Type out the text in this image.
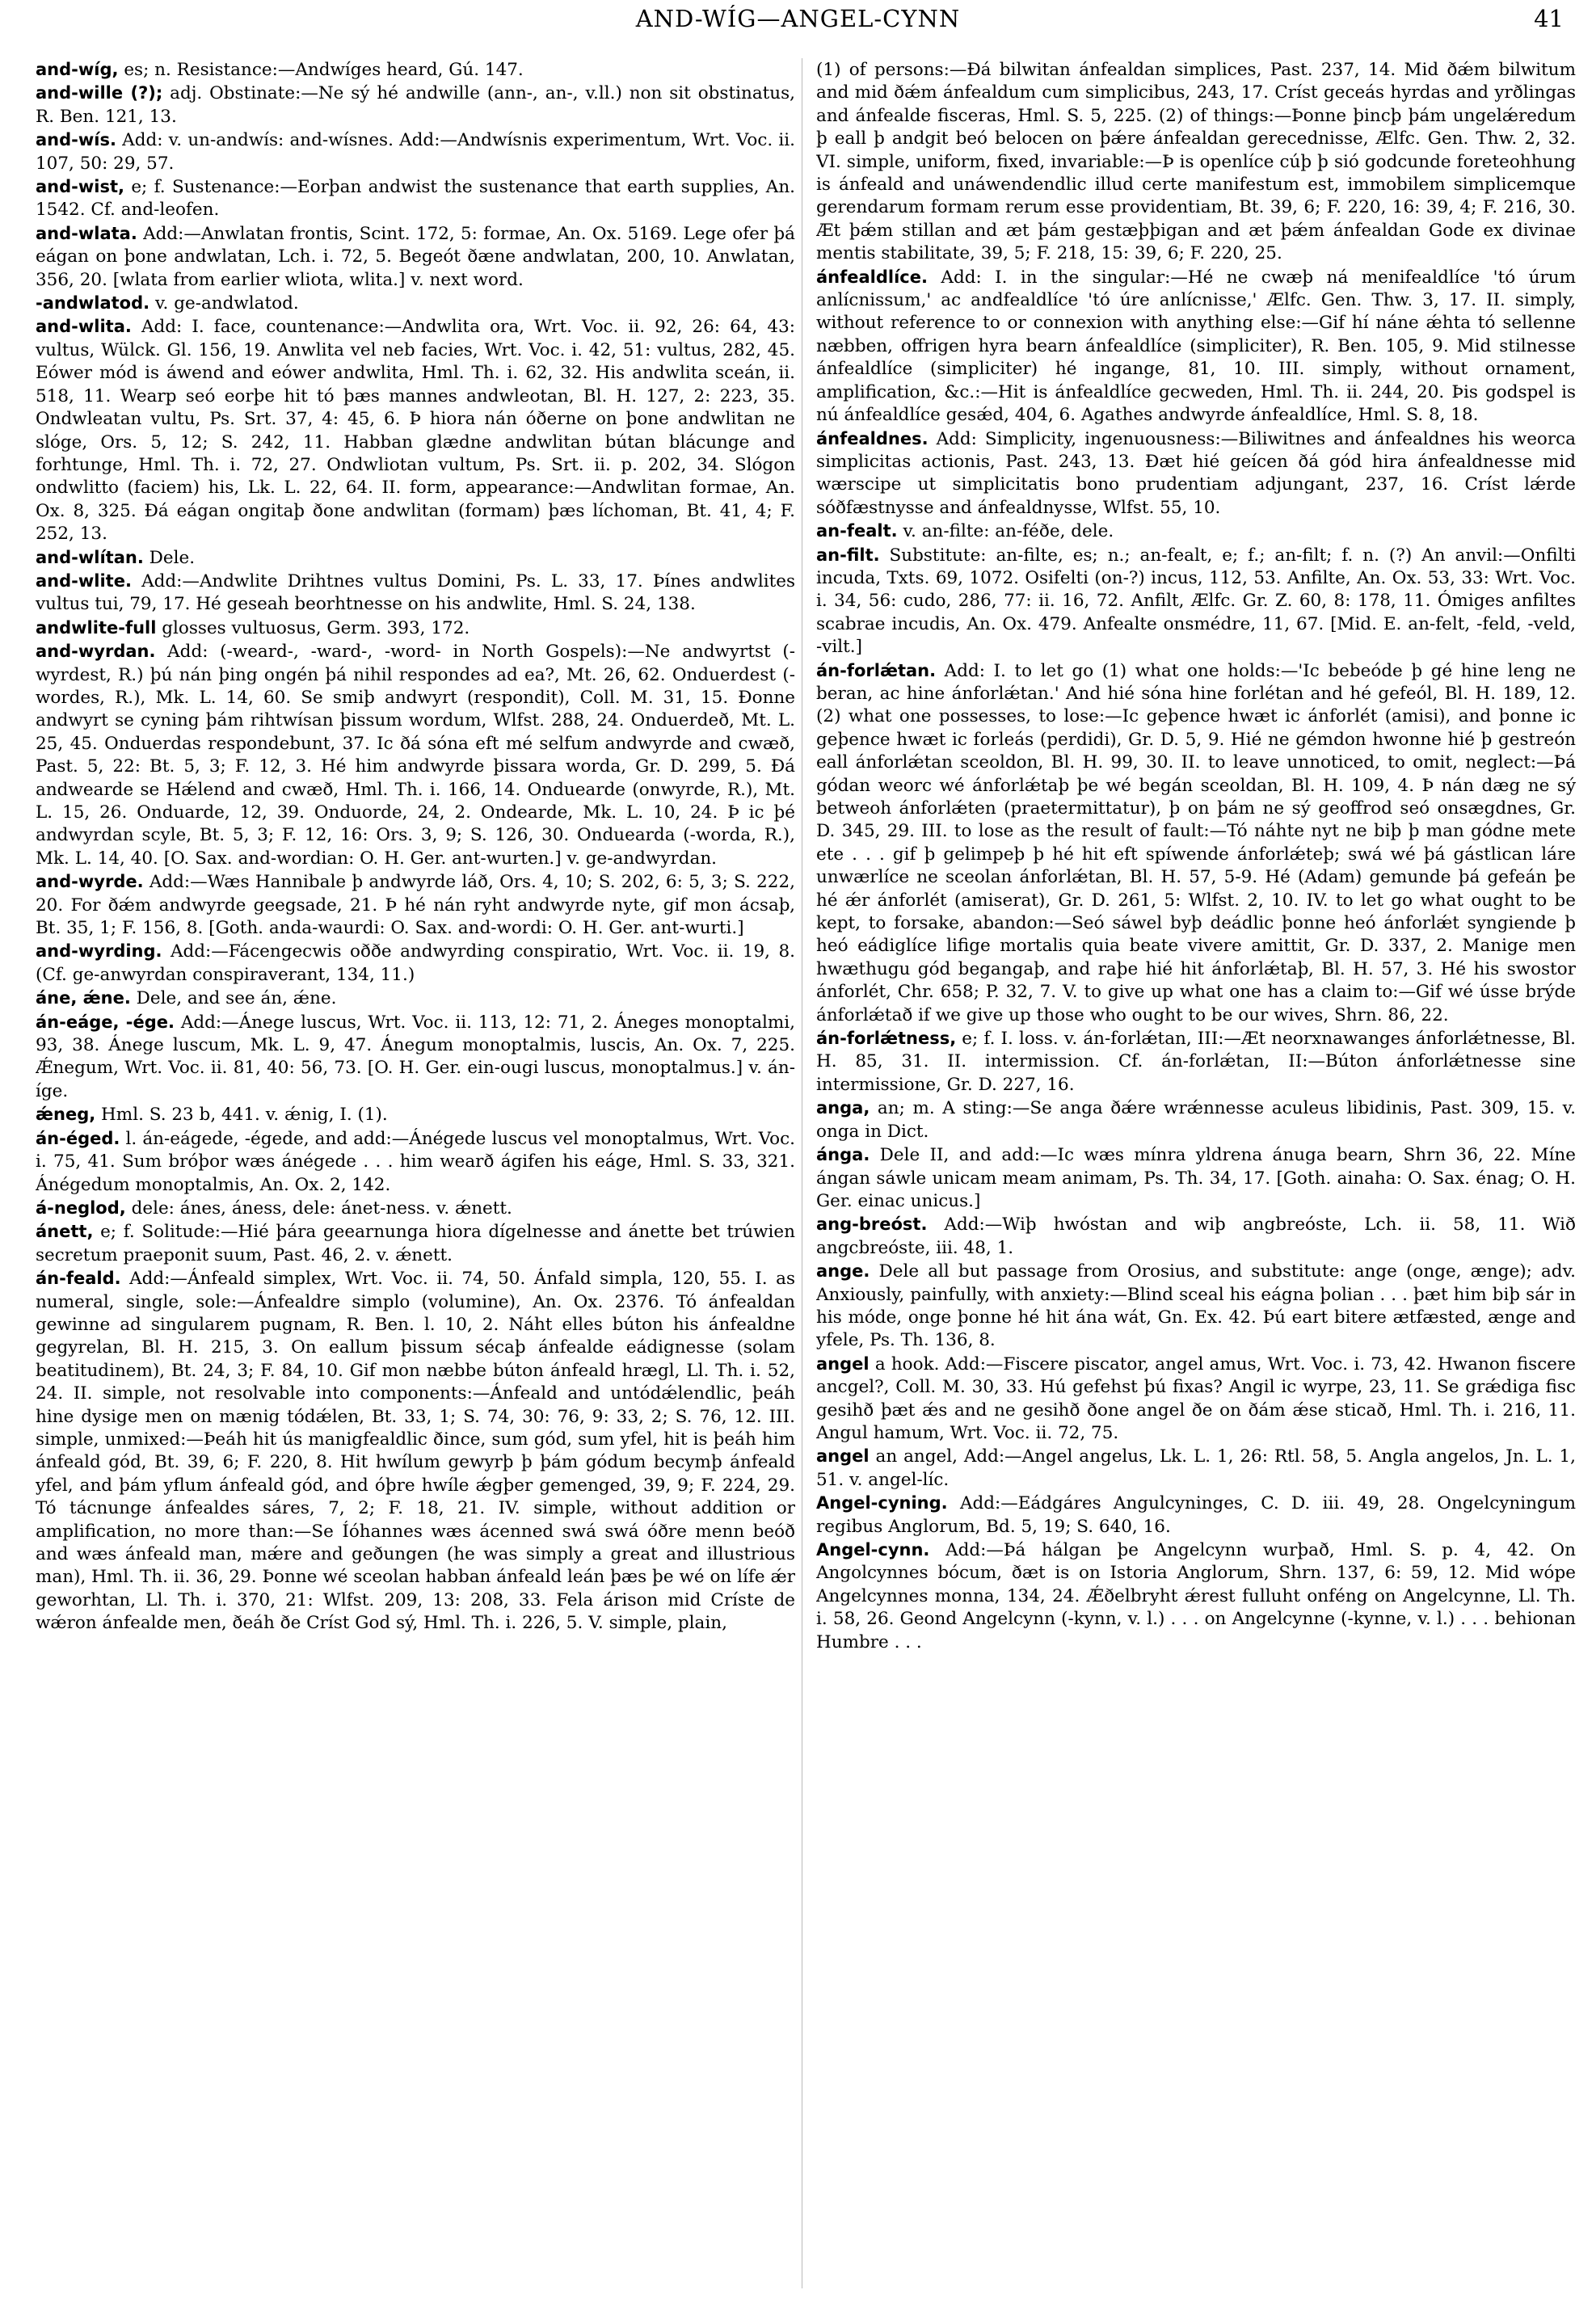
AND-WÍG—ANGEL-CYNN	41

and-wíg, es; n. Resistance:—Andwíges heard, Gú. 147.

and-wille (?); adj. Obstinate:—Ne sý hé andwille (ann-, an-, v.ll.) non sit obstinatus, R. Ben. 121, 13.

and-wís. Add: v. un-andwís: and-wísnes. Add:—Andwísnis experimentum, Wrt. Voc. ii. 107, 50: 29, 57.

and-wist, e; f. Sustenance:—Eorþan andwist the sustenance that earth supplies, An. 1542. Cf. and-leofen.

and-wlata. Add:—Anwlatan frontis, Scint. 172, 5: formae, An. Ox. 5169. Lege ofer þá eágan on þone andwlatan, Lch. i. 72, 5. Begeót ðæne andwlatan, 200, 10. Anwlatan, 356, 20. [wlata from earlier wliota, wlita.] v. next word.

-andwlatod. v. ge-andwlatod.

and-wlita. Add: I. face, countenance:—Andwlita ora, Wrt. Voc. ii. 92, 26: 64, 43: vultus, Wülck. Gl. 156, 19. Anwlita vel neb facies, Wrt. Voc. i. 42, 51: vultus, 282, 45. Eówer mód is áwend and eówer andwlita, Hml. Th. i. 62, 32. His andwlita sceán, ii. 518, 11. Wearp seó eorþe hit tó þæs mannes andwleotan, Bl. H. 127, 2: 223, 35. Ondwleatan vultu, Ps. Srt. 37, 4: 45, 6. Þ hiora nán óðerne on þone andwlitan ne slóge, Ors. 5, 12; S. 242, 11. Habban glædne andwlitan bútan blácunge and forhtunge, Hml. Th. i. 72, 27. Ondwliotan vultum, Ps. Srt. ii. p. 202, 34. Slógon ondwlitto (faciem) his, Lk. L. 22, 64. II. form, appearance:—Andwlitan formae, An. Ox. 8, 325. Đá eágan ongitaþ ðone andwlitan (formam) þæs líchoman, Bt. 41, 4; F. 252, 13.

and-wlítan. Dele.

and-wlite. Add:—Andwlite Drihtnes vultus Domini, Ps. L. 33, 17. Þínes andwlites vultus tui, 79, 17. Hé geseah beorhtnesse on his andwlite, Hml. S. 24, 138.

andwlite-full glosses vultuosus, Germ. 393, 172.

and-wyrdan. Add: (-weard-, -ward-, -word- in North Gospels):—Ne andwyrtst (-wyrdest, R.) þú nán þing ongén þá nihil respondes ad ea?, Mt. 26, 62. Onduerdest (-wordes, R.), Mk. L. 14, 60. Se smiþ andwyrt (respondit), Coll. M. 31, 15. Đonne andwyrt se cyning þám rihtwísan þissum wordum, Wlfst. 288, 24. Onduerdeð, Mt. L. 25, 45. Onduerdas respondebunt, 37. Ic ðá sóna eft mé selfum andwyrde and cwæð, Past. 5, 22: Bt. 5, 3; F. 12, 3. Hé him andwyrde þissara worda, Gr. D. 299, 5. Đá andwearde se Hǽlend and cwæð, Hml. Th. i. 166, 14. Onduearde (onwyrde, R.), Mt. L. 15, 26. Onduarde, 12, 39. Onduorde, 24, 2. Ondearde, Mk. L. 10, 24. Þ ic þé andwyrdan scyle, Bt. 5, 3; F. 12, 16: Ors. 3, 9; S. 126, 30. Onduearda (-worda, R.), Mk. L. 14, 40. [O. Sax. and-wordian: O. H. Ger. ant-wurten.] v. ge-andwyrdan.

and-wyrde. Add:—Wæs Hannibale þ andwyrde láð, Ors. 4, 10; S. 202, 6: 5, 3; S. 222, 20. For ðǽm andwyrde geegsade, 21. Þ hé nán ryht andwyrde nyte, gif mon ácsaþ, Bt. 35, 1; F. 156, 8. [Goth. anda-waurdi: O. Sax. and-wordi: O. H. Ger. ant-wurti.]

and-wyrding. Add:—Fácengecwis oððe andwyrding conspiratio, Wrt. Voc. ii. 19, 8. (Cf. ge-anwyrdan conspiraverant, 134, 11.)

áne, ǽne. Dele, and see án, ǽne.

án-eáge, -ége. Add:—Ánege luscus, Wrt. Voc. ii. 113, 12: 71, 2. Áneges monoptalmi, 93, 38. Ánege luscum, Mk. L. 9, 47. Ánegum monoptalmis, luscis, An. Ox. 7, 225. Ǽnegum, Wrt. Voc. ii. 81, 40: 56, 73. [O. H. Ger. ein-ougi luscus, monoptalmus.] v. án-íge.

ǽneg, Hml. S. 23 b, 441. v. ǽnig, I. (1).

án-éged. l. án-eágede, -égede, and add:—Ánégede luscus vel monoptalmus, Wrt. Voc. i. 75, 41. Sum bróþor wæs ánégede . . . him wearð ágifen his eáge, Hml. S. 33, 321. Ánégedum monoptalmis, An. Ox. 2, 142.

á-neglod, dele: ánes, áness, dele: ánet-ness. v. ǽnett.

ánett, e; f. Solitude:—Hié þára geearnunga hiora dígelnesse and ánette bet trúwien secretum praeponit suum, Past. 46, 2. v. ǽnett.

án-feald. Add:—Ánfeald simplex, Wrt. Voc. ii. 74, 50. Ánfald simpla, 120, 55. I. as numeral, single, sole:—Ánfealdre simplo (volumine), An. Ox. 2376. Tó ánfealdan gewinne ad singularem pugnam, R. Ben. l. 10, 2. Náht elles búton his ánfealdne gegyrelan, Bl. H. 215, 3. On eallum þissum sécaþ ánfealde eádignesse (solam beatitudinem), Bt. 24, 3; F. 84, 10. Gif mon næbbe búton ánfeald hrægl, Ll. Th. i. 52, 24. II. simple, not resolvable into components:—Ánfeald and untódǽlendlic, þeáh hine dysige men on mænig tódǽlen, Bt. 33, 1; S. 74, 30: 76, 9: 33, 2; S. 76, 12. III. simple, unmixed:—Þeáh hit ús manigfealdlic ðince, sum gód, sum yfel, hit is þeáh him ánfeald gód, Bt. 39, 6; F. 220, 8. Hit hwílum gewyrþ þ þám gódum becymþ ánfeald yfel, and þám yflum ánfeald gód, and óþre hwíle ǽgþer gemenged, 39, 9; F. 224, 29. Tó tácnunge ánfealdes sáres, 7, 2; F. 18, 21. IV. simple, without addition or amplification, no more than:—Se Íóhannes wæs ácenned swá swá óðre menn beóð and wæs ánfeald man, mǽre and geðungen (he was simply a great and illustrious man), Hml. Th. ii. 36, 29. Þonne wé sceolan habban ánfeald leán þæs þe wé on lífe ǽr geworhtan, Ll. Th. i. 370, 21: Wlfst. 209, 13: 208, 33. Fela árison mid Críste de wǽron ánfealde men, ðeáh ðe Críst God sý, Hml. Th. i. 226, 5. V. simple, plain,

(1) of persons:—Đá bilwitan ánfealdan simplices, Past. 237, 14. Mid ðǽm bilwitum and mid ðǽm ánfealdum cum simplicibus, 243, 17. Críst geceás hyrdas and yrðlingas and ánfealde fisceras, Hml. S. 5, 225. (2) of things:—Þonne þincþ þám ungelǽredum þ eall þ andgit beó belocen on þǽre ánfealdan gerecednisse, Ælfc. Gen. Thw. 2, 32. VI. simple, uniform, fixed, invariable:—Þ is openlíce cúþ þ sió godcunde foreteohhung is ánfeald and unáwendendlic illud certe manifestum est, immobilem simplicemque gerendarum formam rerum esse providentiam, Bt. 39, 6; F. 220, 16: 39, 4; F. 216, 30. Æt þǽm stillan and æt þám gestæþþigan and æt þǽm ánfealdan Gode ex divinae mentis stabilitate, 39, 5; F. 218, 15: 39, 6; F. 220, 25.

ánfealdlíce. Add: I. in the singular:—Hé ne cwæþ ná menifealdlíce 'tó úrum anlícnissum,' ac andfealdlíce 'tó úre anlícnisse,' Ælfc. Gen. Thw. 3, 17. II. simply, without reference to or connexion with anything else:—Gif hí náne ǽhta tó sellenne næbben, offrigen hyra bearn ánfealdlíce (simpliciter), R. Ben. 105, 9. Mid stilnesse ánfealdlíce (simpliciter) hé ingange, 81, 10. III. simply, without ornament, amplification, &c.:—Hit is ánfealdlíce gecweden, Hml. Th. ii. 244, 20. Þis godspel is nú ánfealdlíce gesǽd, 404, 6. Agathes andwyrde ánfealdlíce, Hml. S. 8, 18.

ánfealdnes. Add: Simplicity, ingenuousness:—Biliwitnes and ánfealdnes his weorca simplicitas actionis, Past. 243, 13. Ðæt hié geícen ðá gód hira ánfealdnesse mid wærscipe ut simplicitatis bono prudentiam adjungant, 237, 16. Críst lǽrde sóðfæstnysse and ánfealdnysse, Wlfst. 55, 10.

an-fealt. v. an-filte: an-féðe, dele.

an-filt. Substitute: an-filte, es; n.; an-fealt, e; f.; an-filt; f. n. (?) An anvil:—Onfilti incuda, Txts. 69, 1072. Osifelti (on-?) incus, 112, 53. Anfilte, An. Ox. 53, 33: Wrt. Voc. i. 34, 56: cudo, 286, 77: ii. 16, 72. Anfilt, Ælfc. Gr. Z. 60, 8: 178, 11. Ómiges anfiltes scabrae incudis, An. Ox. 479. Anfealte onsmédre, 11, 67. [Mid. E. an-felt, -feld, -veld, -vilt.]

án-forlǽtan. Add: I. to let go (1) what one holds:—'Ic bebeóde þ gé hine leng ne beran, ac hine ánforlǽtan.' And hié sóna hine forlétan and hé gefeól, Bl. H. 189, 12. (2) what one possesses, to lose:—Ic geþence hwæt ic ánforlét (amisi), and þonne ic geþence hwæt ic forleás (perdidi), Gr. D. 5, 9. Hié ne gémdon hwonne hié þ gestreón eall ánforlǽtan sceoldon, Bl. H. 99, 30. II. to leave unnoticed, to omit, neglect:—Þá gódan weorc wé ánforlǽtaþ þe wé begán sceoldan, Bl. H. 109, 4. Þ nán dæg ne sý betweoh ánforlǽten (praetermittatur), þ on þám ne sý geoffrod seó onsægdnes, Gr. D. 345, 29. III. to lose as the result of fault:—Tó náhte nyt ne biþ þ man gódne mete ete . . . gif þ gelimpeþ þ hé hit eft spíwende ánforlǽteþ; swá wé þá gástlican láre unwærlíce ne sceolan ánforlǽtan, Bl. H. 57, 5-9. Hé (Adam) gemunde þá gefeán þe hé ǽr ánforlét (amiserat), Gr. D. 261, 5: Wlfst. 2, 10. IV. to let go what ought to be kept, to forsake, abandon:—Seó sáwel byþ deádlic þonne heó ánforlǽt syngiende þ heó eádiglíce lifige mortalis quia beate vivere amittit, Gr. D. 337, 2. Manige men hwæthugu gód begangaþ, and raþe hié hit ánforlǽtaþ, Bl. H. 57, 3. Hé his swostor ánforlét, Chr. 658; P. 32, 7. V. to give up what one has a claim to:—Gif wé ússe brýde ánforlǽtað if we give up those who ought to be our wives, Shrn. 86, 22.

án-forlǽtness, e; f. I. loss. v. án-forlǽtan, III:—Æt neorxnawanges ánforlǽtnesse, Bl. H. 85, 31. II. intermission. Cf. án-forlǽtan, II:—Búton ánforlǽtnesse sine intermissione, Gr. D. 227, 16.

anga, an; m. A sting:—Se anga ðǽre wrǽnnesse aculeus libidinis, Past. 309, 15. v. onga in Dict.

ánga. Dele II, and add:—Ic wæs mínra yldrena ánuga bearn, Shrn 36, 22. Míne ángan sáwle unicam meam animam, Ps. Th. 34, 17. [Goth. ainaha: O. Sax. énag; O. H. Ger. einac unicus.]

ang-breóst. Add:—Wiþ hwóstan and wiþ angbreóste, Lch. ii. 58, 11. Wið angcbreóste, iii. 48, 1.

ange. Dele all but passage from Orosius, and substitute: ange (onge, ænge); adv. Anxiously, painfully, with anxiety:—Blind sceal his eágna þolian . . . þæt him biþ sár in his móde, onge þonne hé hit ána wát, Gn. Ex. 42. Þú eart bitere ætfæsted, ænge and yfele, Ps. Th. 136, 8.

angel a hook. Add:—Fiscere piscator, angel amus, Wrt. Voc. i. 73, 42. Hwanon fiscere ancgel?, Coll. M. 30, 33. Hú gefehst þú fixas? Angil ic wyrpe, 23, 11. Se grǽdiga fisc gesihð þæt ǽs and ne gesihð ðone angel ðe on ðám ǽse sticað, Hml. Th. i. 216, 11. Angul hamum, Wrt. Voc. ii. 72, 75.

angel an angel, Add:—Angel angelus, Lk. L. 1, 26: Rtl. 58, 5. Angla angelos, Jn. L. 1, 51. v. angel-líc.

Angel-cyning. Add:—Eádgáres Angulcyninges, C. D. iii. 49, 28. Ongelcyningum regibus Anglorum, Bd. 5, 19; S. 640, 16.

Angel-cynn. Add:—Þá hálgan þe Angelcynn wurþað, Hml. S. p. 4, 42. On Angolcynnes bócum, ðæt is on Istoria Anglorum, Shrn. 137, 6: 59, 12. Mid wópe Angelcynnes monna, 134, 24. Ǽðelbryht ǽrest fulluht onféng on Angelcynne, Ll. Th. i. 58, 26. Geond Angelcynn (-kynn, v. l.) . . . on Angelcynne (-kynne, v. l.) . . . behionan Humbre . . .
